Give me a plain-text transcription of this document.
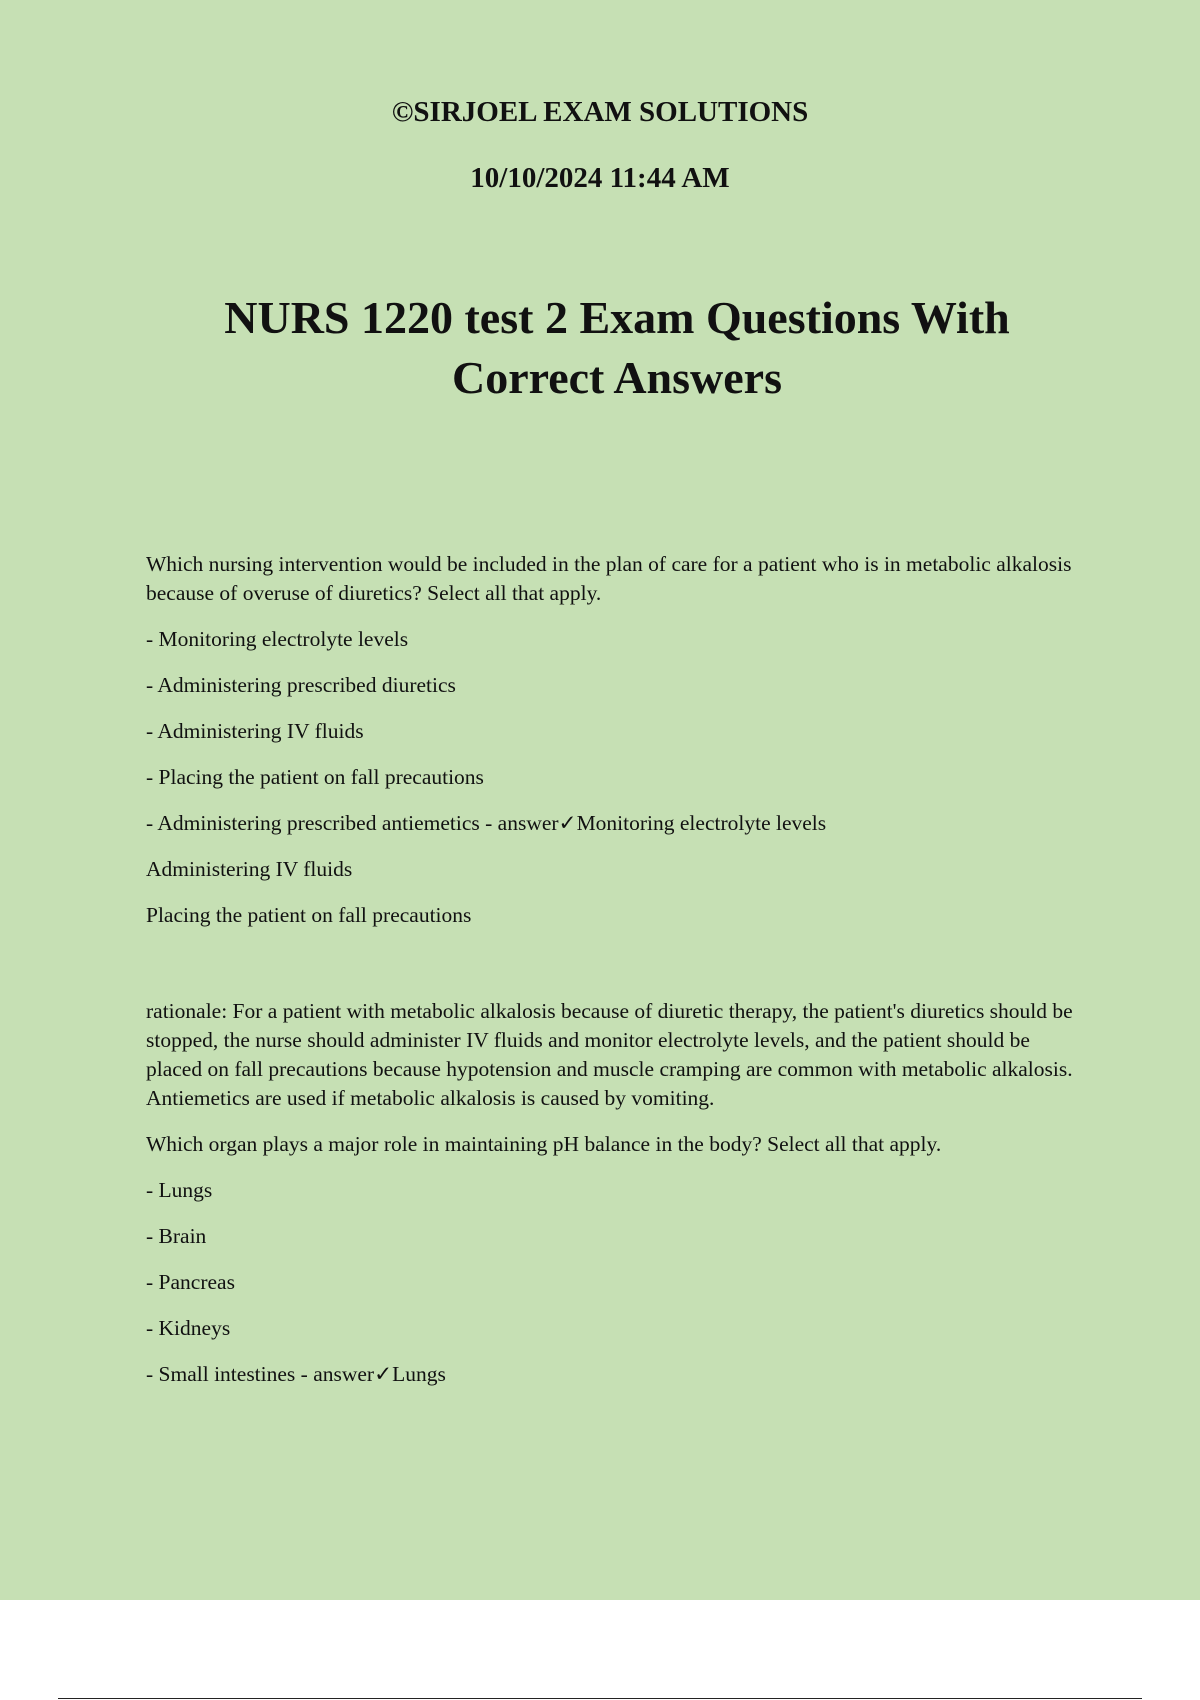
©SIRJOEL EXAM SOLUTIONS

10/10/2024 11:44 AM

NURS 1220 test 2 Exam Questions With Correct Answers

Which nursing intervention would be included in the plan of care for a patient who is in metabolic alkalosis because of overuse of diuretics? Select all that apply.

- Monitoring electrolyte levels

- Administering prescribed diuretics

- Administering IV fluids

- Placing the patient on fall precautions

- Administering prescribed antiemetics - answer✓Monitoring electrolyte levels

Administering IV fluids

Placing the patient on fall precautions

rationale: For a patient with metabolic alkalosis because of diuretic therapy, the patient's diuretics should be stopped, the nurse should administer IV fluids and monitor electrolyte levels, and the patient should be placed on fall precautions because hypotension and muscle cramping are common with metabolic alkalosis. Antiemetics are used if metabolic alkalosis is caused by vomiting.

Which organ plays a major role in maintaining pH balance in the body? Select all that apply.

- Lungs

- Brain

- Pancreas

- Kidneys

- Small intestines - answer✓Lungs
